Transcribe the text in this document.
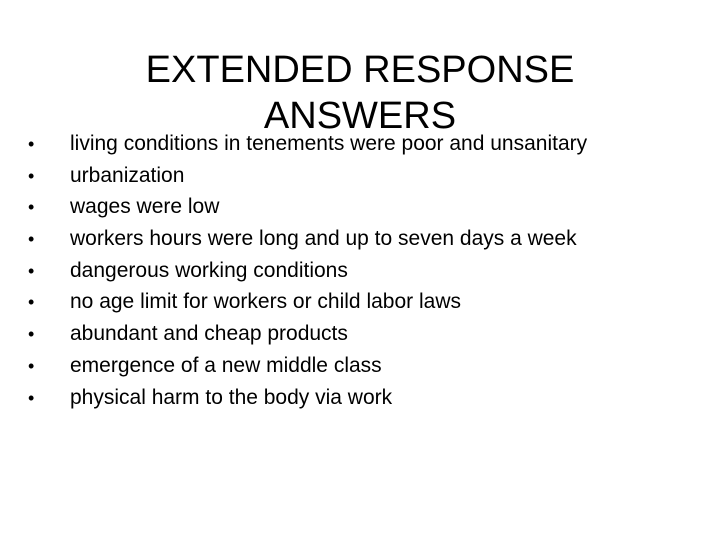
EXTENDED RESPONSE
ANSWERS
•	living conditions in tenements were poor and unsanitary
•	urbanization
•	wages were low
•	workers hours were long and up to seven days a week
•	dangerous working conditions
•	no age limit for workers or child labor laws
•	abundant and cheap products
•	emergence of a new middle class
•	physical harm to the body via work
